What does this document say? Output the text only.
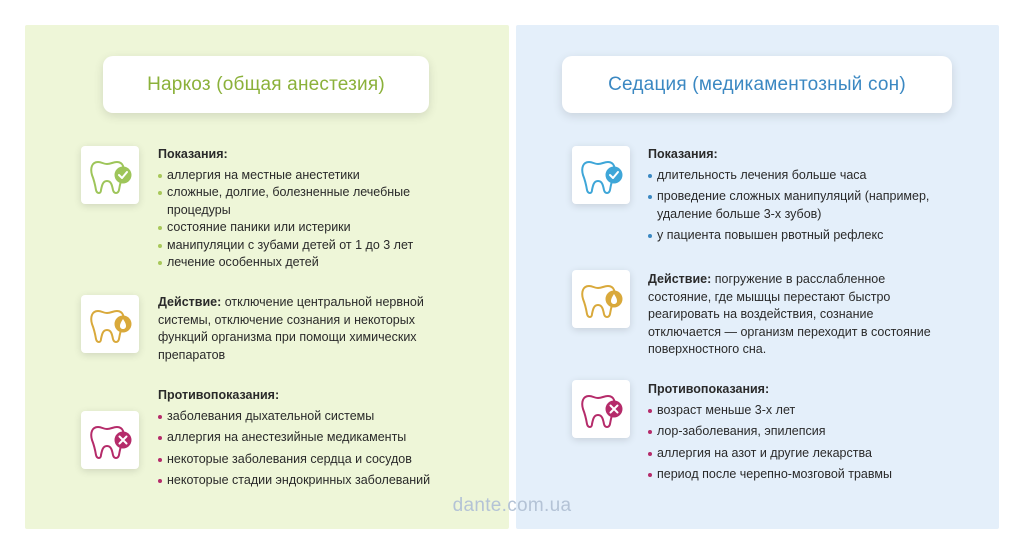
Наркоз (общая анестезия)
Показания:
аллергия на местные анестетики
сложные, долгие, болезненные лечебные процедуры
состояние паники или истерики
манипуляции с зубами детей от 1 до 3 лет
лечение особенных детей
Действие: отключение центральной нервной системы, отключение сознания и некоторых функций организма при помощи химических препаратов
Противопоказания:
заболевания дыхательной системы
аллергия на анестезийные медикаменты
некоторые заболевания сердца и сосудов
некоторые стадии эндокринных заболеваний
Седация (медикаментозный сон)
Показания:
длительность лечения больше часа
проведение сложных манипуляций (например, удаление больше 3-х зубов)
у пациента повышен рвотный рефлекс
Действие: погружение в расслабленное состояние, где мышцы перестают быстро реагировать на воздействия, сознание отключается — организм переходит в состояние поверхностного сна.
Противопоказания:
возраст меньше 3-х лет
лор-заболевания, эпилепсия
аллергия на азот и другие лекарства
период после черепно-мозговой травмы
dante.com.ua
